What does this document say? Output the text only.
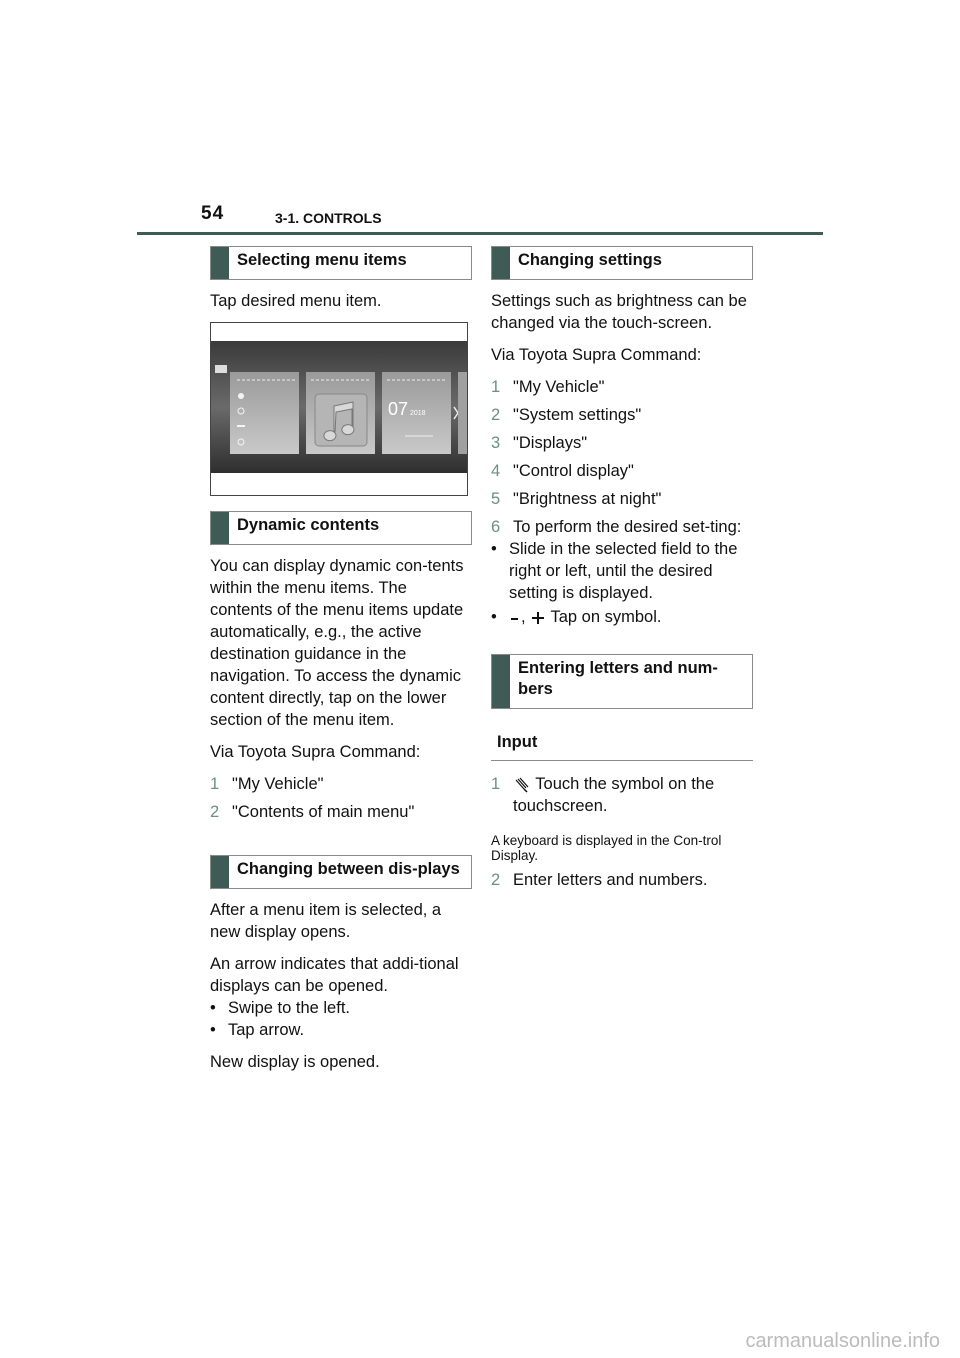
54	3-1. CONTROLS
Selecting menu items

Tap desired menu item.

07 2018
Dynamic contents

You can display dynamic con-tents within the menu items. The contents of the menu items update automatically, e.g., the active destination guidance in the navigation. To access the dynamic content directly, tap on the lower section of the menu item.

Via Toyota Supra Command:

1 "My Vehicle"
2 "Contents of main menu"
Changing between dis-plays

After a menu item is selected, a new display opens.

An arrow indicates that addi-tional displays can be opened.

• Swipe to the left.
• Tap arrow.

New display is opened.

Changing settings

Settings such as brightness can be changed via the touch-screen.

Via Toyota Supra Command:

1 "My Vehicle"
2 "System settings"
3 "Displays"
4 "Control display"
5 "Brightness at night"
6 To perform the desired set-ting:
• Slide in the selected field to the right or left, until the desired setting is displayed.
•	, Tap on symbol.
Entering letters and num-bers
Input
1	Touch the symbol on the touchscreen.

A keyboard is displayed in the Con-trol Display.

2 Enter letters and numbers.
carmanualsonline.info
